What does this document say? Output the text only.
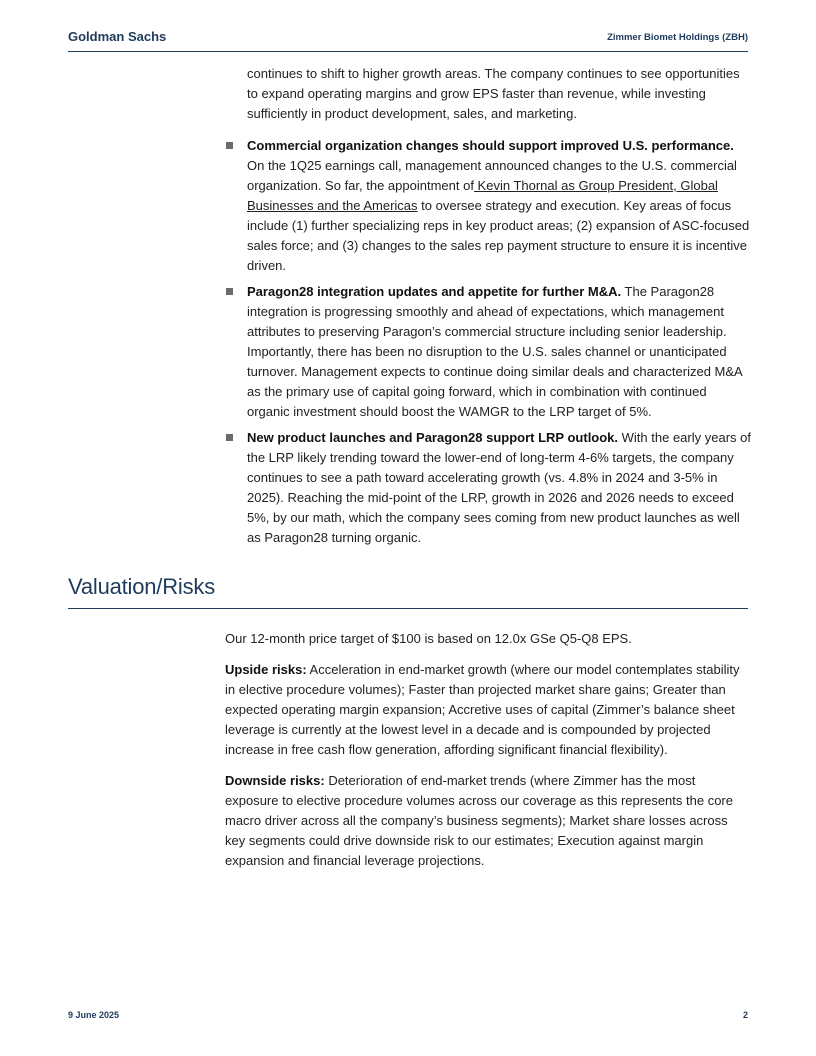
Goldman Sachs	Zimmer Biomet Holdings (ZBH)
continues to shift to higher growth areas. The company continues to see opportunities to expand operating margins and grow EPS faster than revenue, while investing sufficiently in product development, sales, and marketing.
Commercial organization changes should support improved U.S. performance. On the 1Q25 earnings call, management announced changes to the U.S. commercial organization. So far, the appointment of Kevin Thornal as Group President, Global Businesses and the Americas to oversee strategy and execution. Key areas of focus include (1) further specializing reps in key product areas; (2) expansion of ASC-focused sales force; and (3) changes to the sales rep payment structure to ensure it is incentive driven.
Paragon28 integration updates and appetite for further M&A. The Paragon28 integration is progressing smoothly and ahead of expectations, which management attributes to preserving Paragon’s commercial structure including senior leadership. Importantly, there has been no disruption to the U.S. sales channel or unanticipated turnover. Management expects to continue doing similar deals and characterized M&A as the primary use of capital going forward, which in combination with continued organic investment should boost the WAMGR to the LRP target of 5%.
New product launches and Paragon28 support LRP outlook. With the early years of the LRP likely trending toward the lower-end of long-term 4-6% targets, the company continues to see a path toward accelerating growth (vs. 4.8% in 2024 and 3-5% in 2025). Reaching the mid-point of the LRP, growth in 2026 and 2026 needs to exceed 5%, by our math, which the company sees coming from new product launches as well as Paragon28 turning organic.
Valuation/Risks

Our 12-month price target of $100 is based on 12.0x GSe Q5-Q8 EPS.

Upside risks: Acceleration in end-market growth (where our model contemplates stability in elective procedure volumes); Faster than projected market share gains; Greater than expected operating margin expansion; Accretive uses of capital (Zimmer’s balance sheet leverage is currently at the lowest level in a decade and is compounded by projected increase in free cash flow generation, affording significant financial flexibility).

Downside risks: Deterioration of end-market trends (where Zimmer has the most exposure to elective procedure volumes across our coverage as this represents the core macro driver across all the company’s business segments); Market share losses across key segments could drive downside risk to our estimates; Execution against margin expansion and financial leverage projections.

9 June 2025	2
